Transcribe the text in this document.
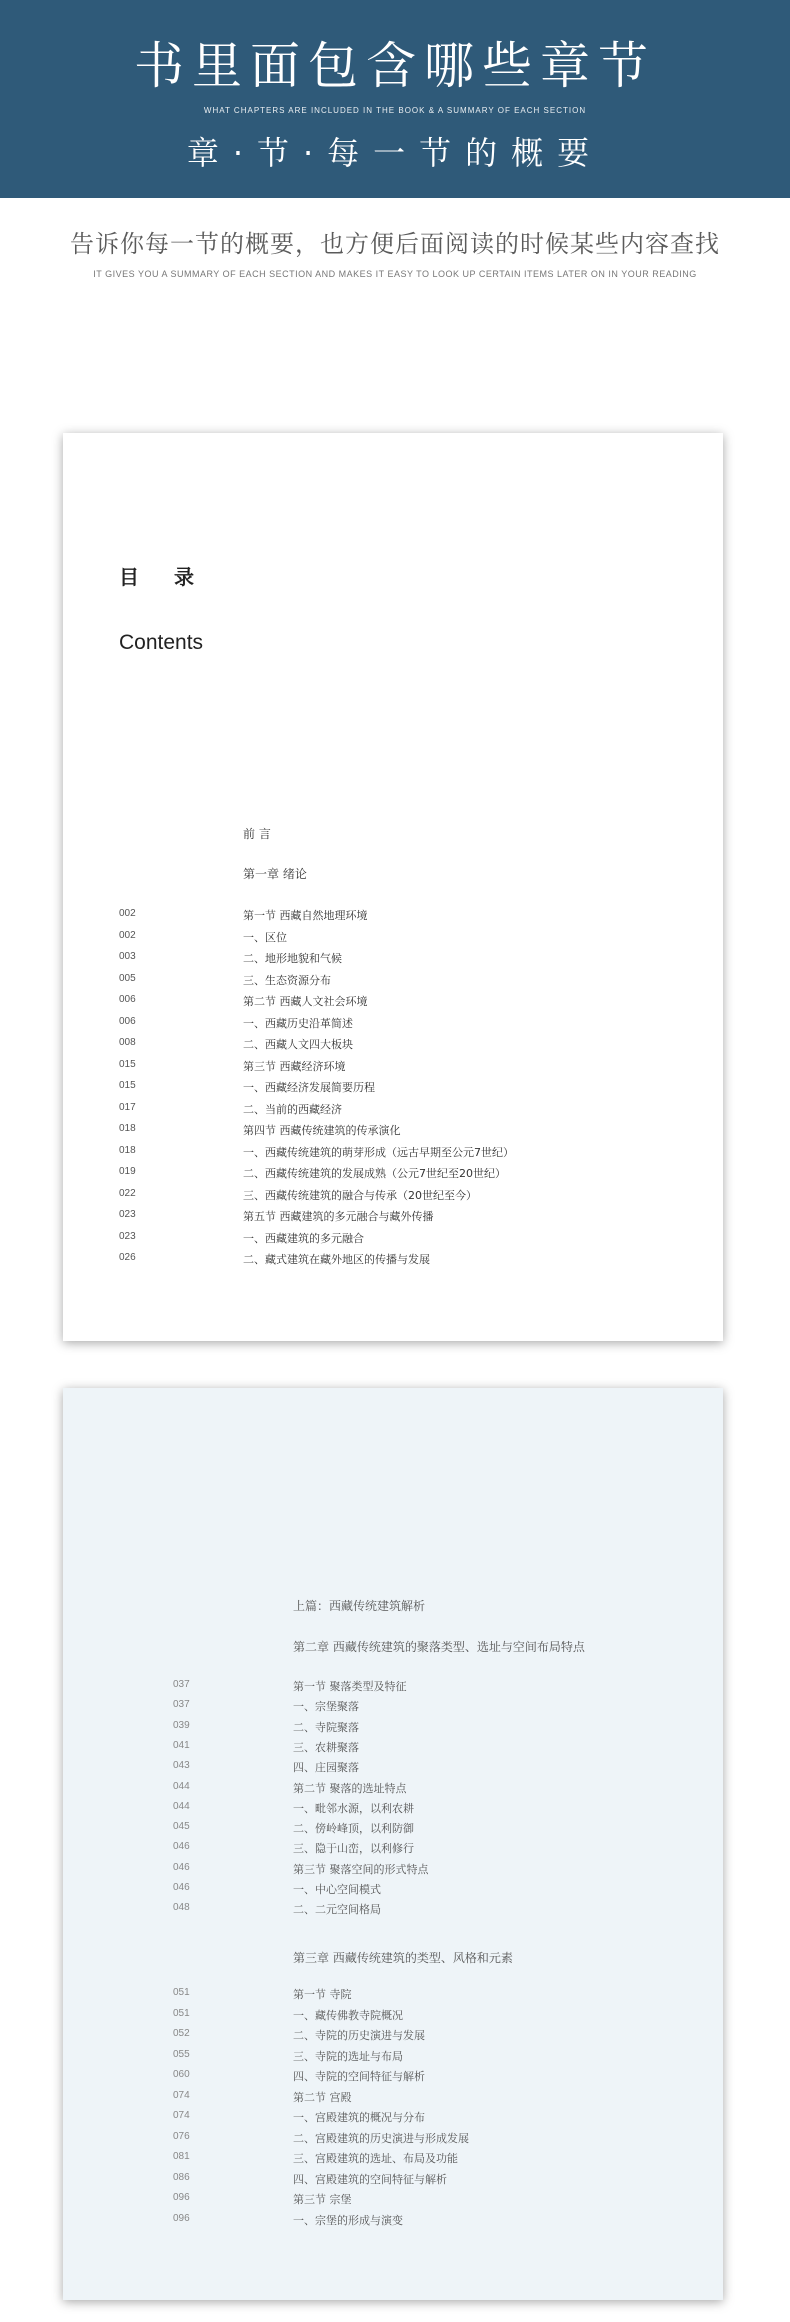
书里面包含哪些章节
WHAT CHAPTERS ARE INCLUDED IN THE BOOK & A SUMMARY OF EACH SECTION
章·节·每一节的概要
告诉你每一节的概要，也方便后面阅读的时候某些内容查找
IT GIVES YOU A SUMMARY OF EACH SECTION AND MAKES IT EASY TO LOOK UP CERTAIN ITEMS LATER ON IN YOUR READING
目 录
Contents
前 言
第一章 绪论
002	第一节 西藏自然地理环境
002	一、区位
003	二、地形地貌和气候
005	三、生态资源分布
006	第二节 西藏人文社会环境
006	一、西藏历史沿革简述
008	二、西藏人文四大板块
015	第三节 西藏经济环境
015	一、西藏经济发展简要历程
017	二、当前的西藏经济
018	第四节 西藏传统建筑的传承演化
018	一、西藏传统建筑的萌芽形成（远古早期至公元7世纪）
019	二、西藏传统建筑的发展成熟（公元7世纪至20世纪）
022	三、西藏传统建筑的融合与传承（20世纪至今）
023	第五节 西藏建筑的多元融合与藏外传播
023	一、西藏建筑的多元融合
026	二、藏式建筑在藏外地区的传播与发展
上篇：西藏传统建筑解析
第二章 西藏传统建筑的聚落类型、选址与空间布局特点
037	第一节 聚落类型及特征
037	一、宗堡聚落
039	二、寺院聚落
041	三、农耕聚落
043	四、庄园聚落
044	第二节 聚落的选址特点
044	一、毗邻水源，以利农耕
045	二、傍岭峰顶，以利防御
046	三、隐于山峦，以利修行
046	第三节 聚落空间的形式特点
046	一、中心空间模式
048	二、二元空间格局
第三章 西藏传统建筑的类型、风格和元素
051	第一节 寺院
051	一、藏传佛教寺院概况
052	二、寺院的历史演进与发展
055	三、寺院的选址与布局
060	四、寺院的空间特征与解析
074	第二节 宫殿
074	一、宫殿建筑的概况与分布
076	二、宫殿建筑的历史演进与形成发展
081	三、宫殿建筑的选址、布局及功能
086	四、宫殿建筑的空间特征与解析
096	第三节 宗堡
096	一、宗堡的形成与演变
